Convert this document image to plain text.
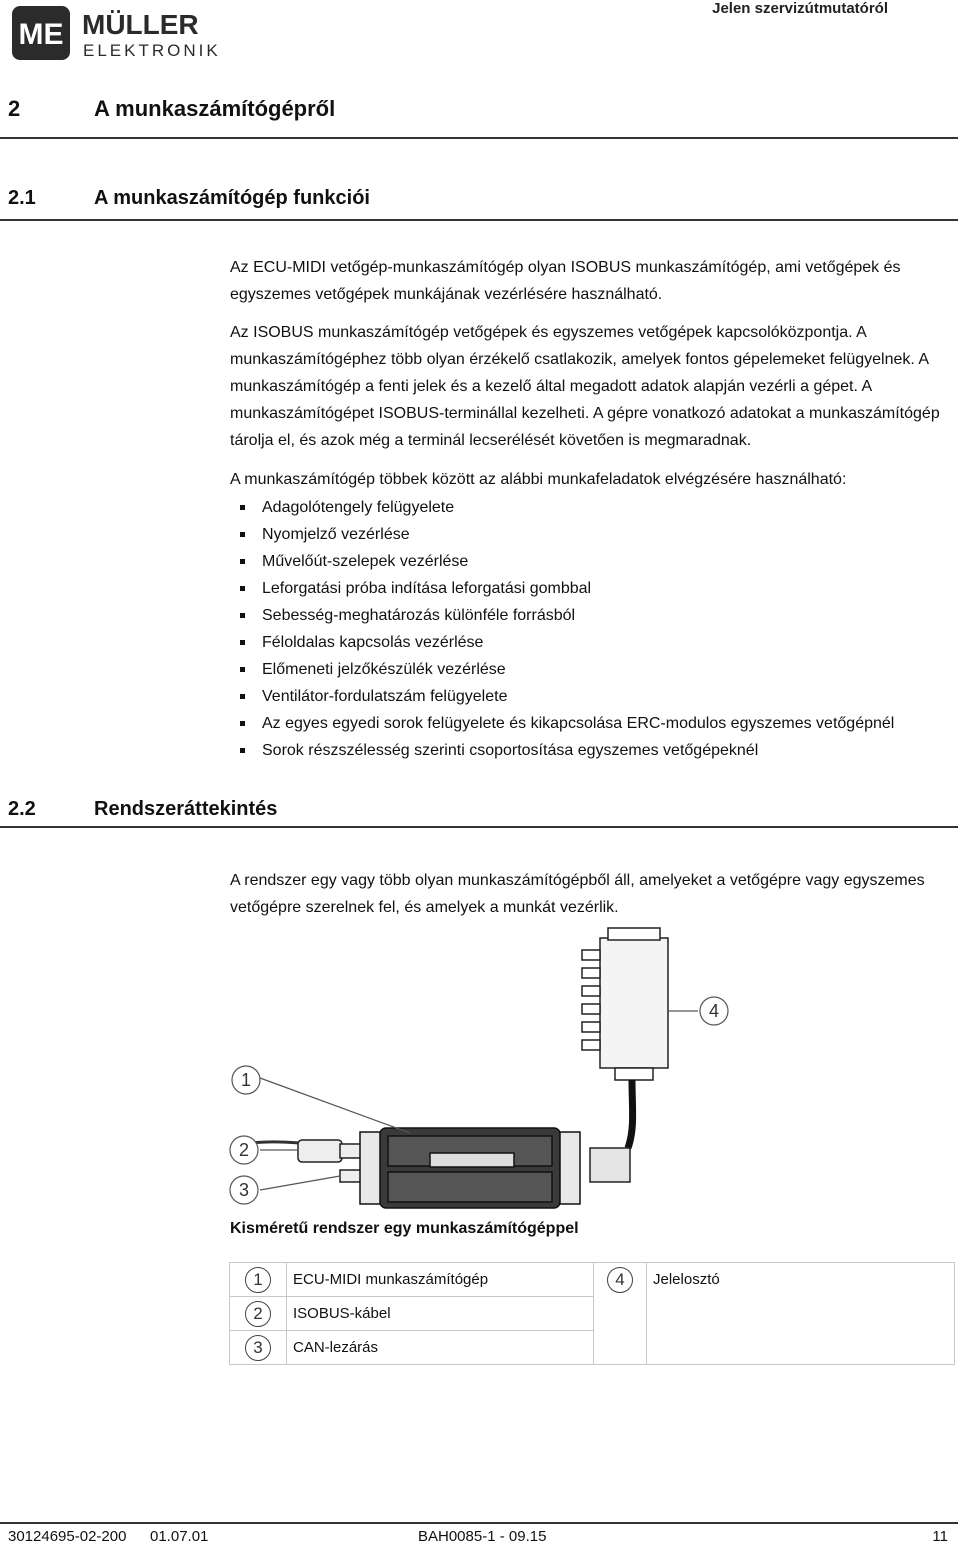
ME MÜLLER
ELEKTRONIK
Jelen szervizútmutatóról
2	A munkaszámítógépről
2.1	A munkaszámítógép funkciói

Az ECU-MIDI vetőgép-munkaszámítógép olyan ISOBUS munkaszámítógép, ami vetőgépek és egyszemes vetőgépek munkájának vezérlésére használható.

Az ISOBUS munkaszámítógép vetőgépek és egyszemes vetőgépek kapcsolóközpontja. A munkaszámítógéphez több olyan érzékelő csatlakozik, amelyek fontos gépelemeket felügyelnek. A munkaszámítógép a fenti jelek és a kezelő által megadott adatok alapján vezérli a gépet. A munkaszámítógépet ISOBUS-terminállal kezelheti. A gépre vonatkozó adatokat a munkaszámítógép tárolja el, és azok még a terminál lecserélését követően is megmaradnak.

A munkaszámítógép többek között az alábbi munkafeladatok elvégzésére használható:

Adagolótengely felügyelete
Nyomjelző vezérlése
Művelőút-szelepek vezérlése
Leforgatási próba indítása leforgatási gombbal
Sebesség-meghatározás különféle forrásból
Féloldalas kapcsolás vezérlése
Előmeneti jelzőkészülék vezérlése
Ventilátor-fordulatszám felügyelete
Az egyes egyedi sorok felügyelete és kikapcsolása ERC-modulos egyszemes vetőgépnél
Sorok részszélesség szerinti csoportosítása egyszemes vetőgépeknél
2.2	Rendszeráttekintés

A rendszer egy vagy több olyan munkaszámítógépből áll, amelyeket a vetőgépre vagy egyszemes vetőgépre szerelnek fel, és amelyek a munkát vezérlik.

1
2
3
4
Kisméretű rendszer egy munkaszámítógéppel
1	ECU-MIDI munkaszámítógép	4	Jelelosztó
2	ISOBUS-kábel		
3	CAN-lezárás		
30124695-02-200 01.07.01	BAH0085-1 - 09.15	11
